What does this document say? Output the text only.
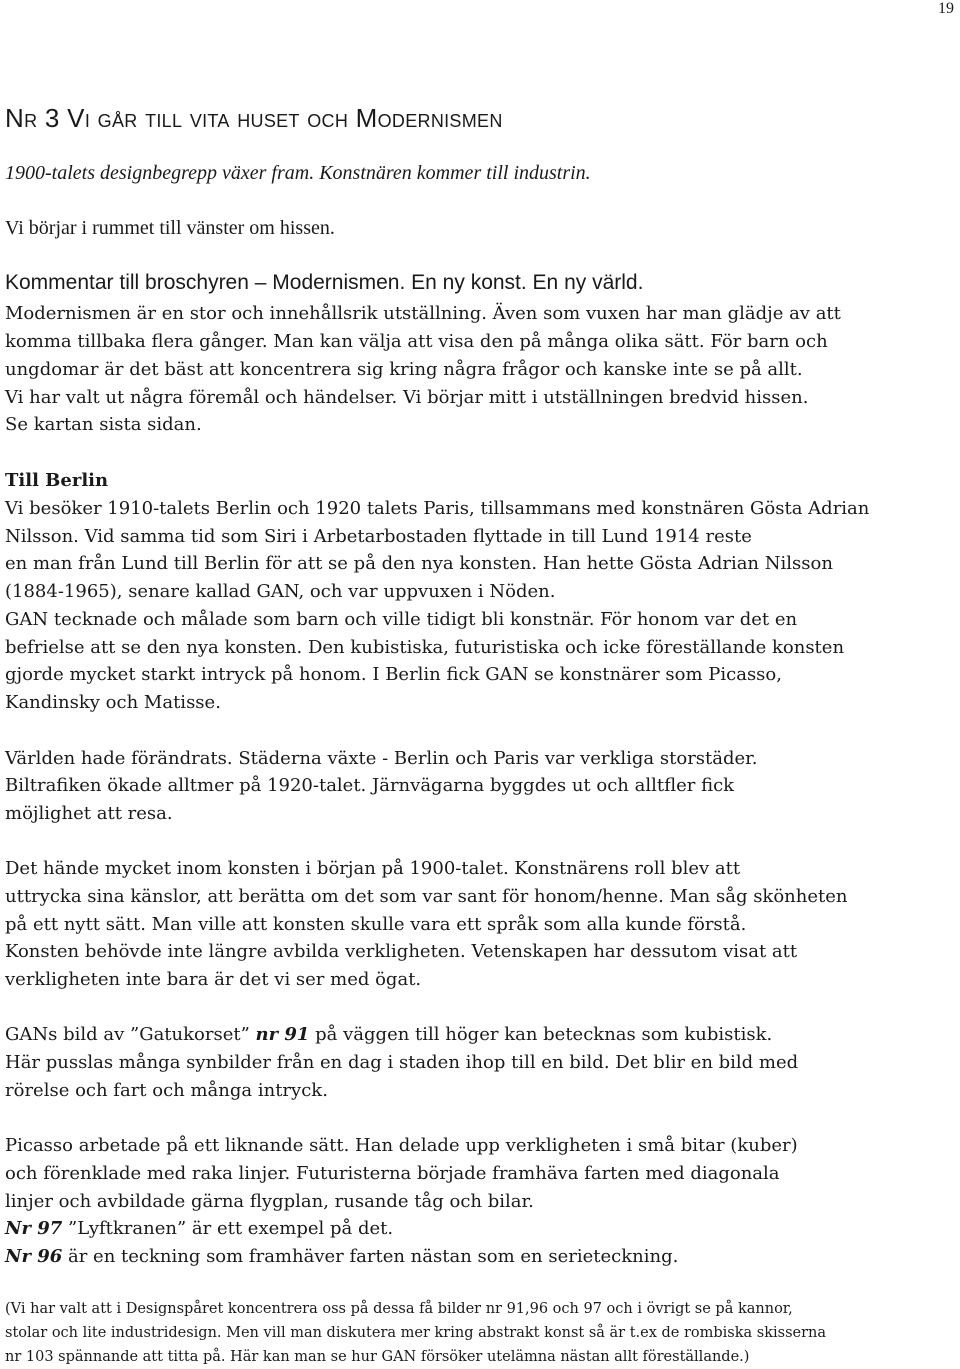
19
Nr 3 Vi går till vita huset och Modernismen
1900-talets designbegrepp växer fram. Konstnären kommer till industrin.
Vi börjar i rummet till vänster om hissen.
Kommentar till broschyren – Modernismen. En ny konst. En ny värld.
Modernismen är en stor och innehållsrik utställning. Även som vuxen har man glädje av att
komma tillbaka flera gånger. Man kan välja att visa den på många olika sätt. För barn och
ungdomar är det bäst att koncentrera sig kring några frågor och kanske inte se på allt.
Vi har valt ut några föremål och händelser. Vi börjar mitt i utställningen bredvid hissen.
Se kartan sista sidan.
Till Berlin
Vi besöker 1910-talets Berlin och 1920 talets Paris, tillsammans med konstnären Gösta Adrian
Nilsson. Vid samma tid som Siri i Arbetarbostaden flyttade in till Lund 1914 reste
en man från Lund till Berlin för att se på den nya konsten. Han hette Gösta Adrian Nilsson
(1884-1965), senare kallad GAN, och var uppvuxen i Nöden.
GAN tecknade och målade som barn och ville tidigt bli konstnär. För honom var det en
befrielse att se den nya konsten. Den kubistiska, futuristiska och icke föreställande konsten
gjorde mycket starkt intryck på honom. I Berlin fick GAN se konstnärer som Picasso,
Kandinsky och Matisse.
Världen hade förändrats. Städerna växte - Berlin och Paris var verkliga storstäder.
Biltrafiken ökade alltmer på 1920-talet. Järnvägarna byggdes ut och alltfler fick
möjlighet att resa.
Det hände mycket inom konsten i början på 1900-talet. Konstnärens roll blev att
uttrycka sina känslor, att berätta om det som var sant för honom/henne. Man såg skönheten
på ett nytt sätt. Man ville att konsten skulle vara ett språk som alla kunde förstå.
Konsten behövde inte längre avbilda verkligheten. Vetenskapen har dessutom visat att
verkligheten inte bara är det vi ser med ögat.
GANs bild av ”Gatukorset” nr 91 på väggen till höger kan betecknas som kubistisk.
Här pusslas många synbilder från en dag i staden ihop till en bild. Det blir en bild med
rörelse och fart och många intryck.
Picasso arbetade på ett liknande sätt. Han delade upp verkligheten i små bitar (kuber)
och förenklade med raka linjer. Futuristerna började framhäva farten med diagonala
linjer och avbildade gärna flygplan, rusande tåg och bilar.
Nr 97 ”Lyftkranen” är ett exempel på det.
Nr 96 är en teckning som framhäver farten nästan som en serieteckning.
(Vi har valt att i Designspåret koncentrera oss på dessa få bilder nr 91,96 och 97 och i övrigt se på kannor,
stolar och lite industridesign. Men vill man diskutera mer kring abstrakt konst så är t.ex de rombiska skisserna
nr 103 spännande att titta på. Här kan man se hur GAN försöker utelämna nästan allt föreställande.)
